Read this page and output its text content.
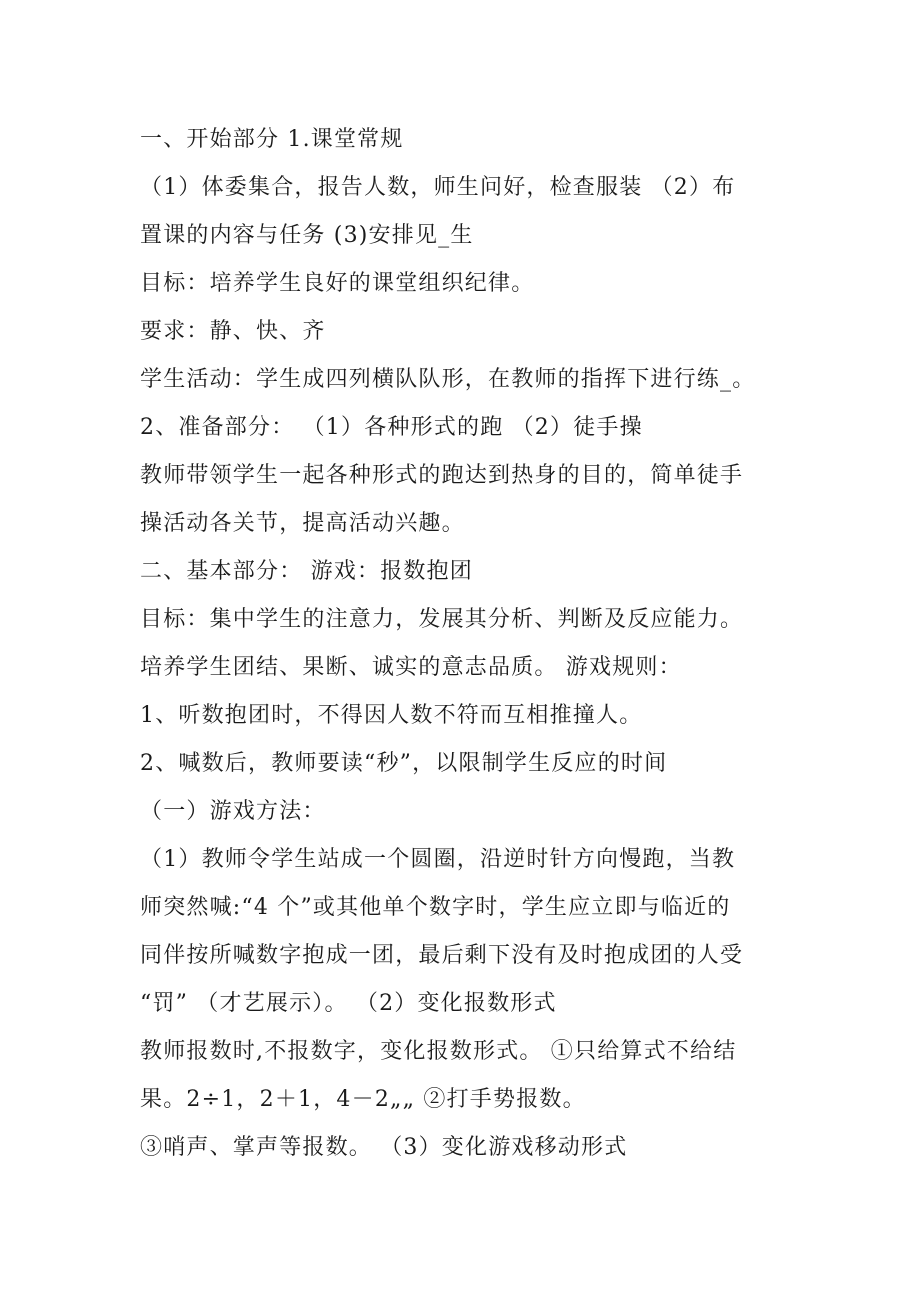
一、开始部分 1.课堂常规
（1）体委集合，报告人数，师生问好，检查服装 （2）布
置课的内容与任务 (3)安排见_生
目标：培养学生良好的课堂组织纪律。
要求：静、快、齐
学生活动：学生成四列横队队形，在教师的指挥下进行练_。
2、准备部分： （1）各种形式的跑 （2）徒手操
教师带领学生一起各种形式的跑达到热身的目的，简单徒手
操活动各关节，提高活动兴趣。
二、基本部分： 游戏：报数抱团
目标：集中学生的注意力，发展其分析、判断及反应能力。
培养学生团结、果断、诚实的意志品质。 游戏规则：
1、听数抱团时，不得因人数不符而互相推撞人。
2、喊数后，教师要读“秒”，以限制学生反应的时间
（一）游戏方法：
（1）教师令学生站成一个圆圈，沿逆时针方向慢跑，当教
师突然喊:“4 个”或其他单个数字时，学生应立即与临近的
同伴按所喊数字抱成一团，最后剩下没有及时抱成团的人受
“罚” （才艺展示）。 （2）变化报数形式
教师报数时,不报数字，变化报数形式。 ①只给算式不给结
果。2÷1，2＋1，4－2„„ ②打手势报数。
③哨声、掌声等报数。 （3）变化游戏移动形式
